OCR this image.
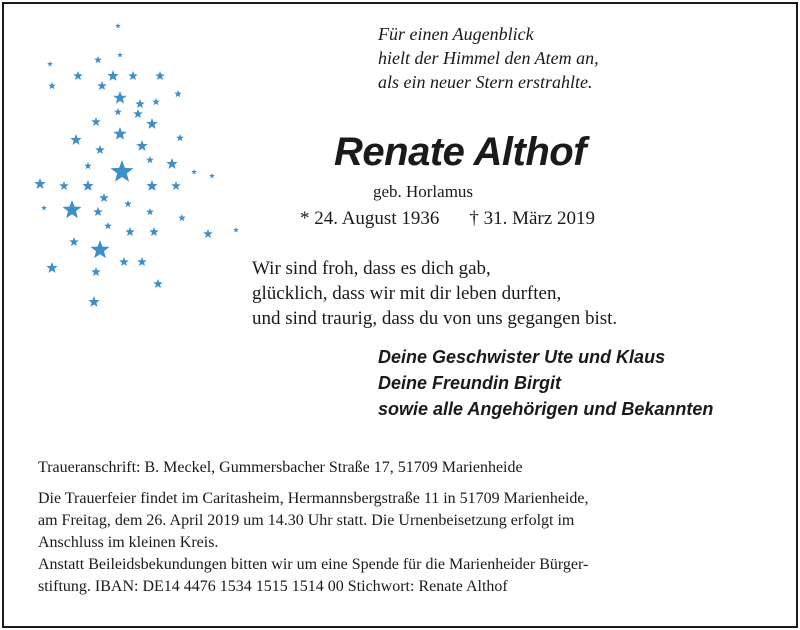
Für einen Augenblick
hielt der Himmel den Atem an,
als ein neuer Stern erstrahlte.
Renate Althof
geb. Horlamus
* 24. August 1936 † 31. März 2019
Wir sind froh, dass es dich gab,
glücklich, dass wir mit dir leben durften,
und sind traurig, dass du von uns gegangen bist.
Deine Geschwister Ute und Klaus
Deine Freundin Birgit
sowie alle Angehörigen und Bekannten
Traueranschrift: B. Meckel, Gummersbacher Straße 17, 51709 Marienheide
Die Trauerfeier findet im Caritasheim, Hermannsbergstraße 11 in 51709 Marienheide,
am Freitag, dem 26. April 2019 um 14.30 Uhr statt. Die Urnenbeisetzung erfolgt im
Anschluss im kleinen Kreis.
Anstatt Beileidsbekundungen bitten wir um eine Spende für die Marienheider Bürger-
stiftung. IBAN: DE14 4476 1534 1515 1514 00 Stichwort: Renate Althof
